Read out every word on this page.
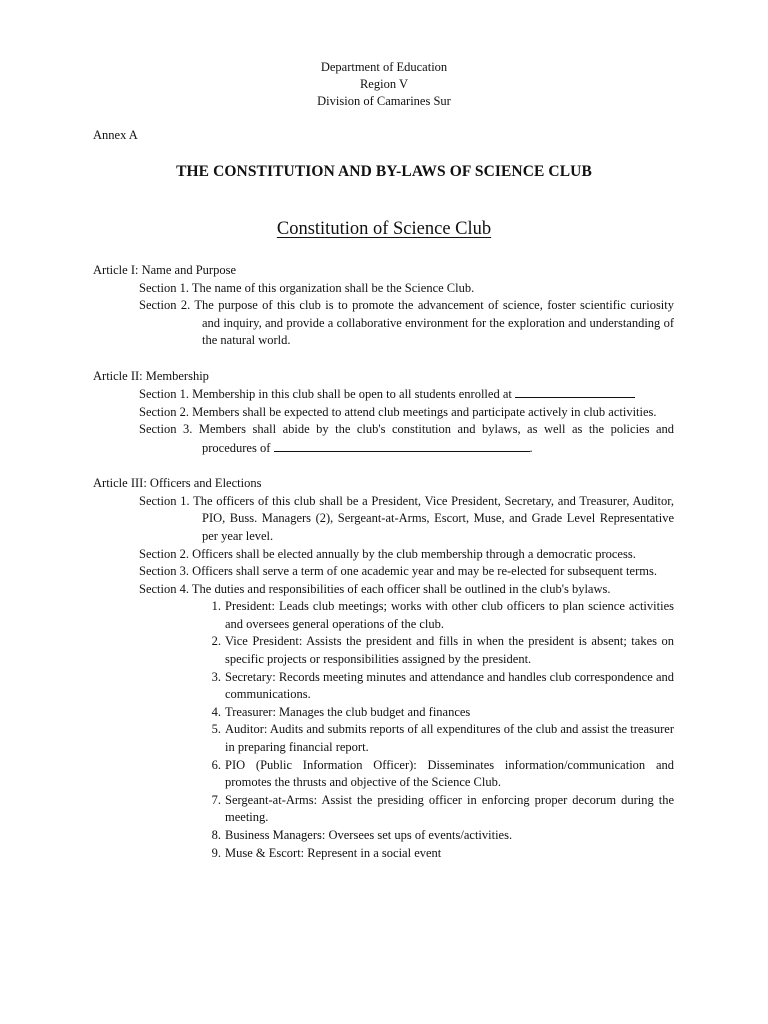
Department of Education
Region V
Division of Camarines Sur
Annex A
THE CONSTITUTION AND BY-LAWS OF SCIENCE CLUB
Constitution of Science Club
Article I: Name and Purpose
Section 1. The name of this organization shall be the Science Club.
Section 2. The purpose of this club is to promote the advancement of science, foster scientific curiosity and inquiry, and provide a collaborative environment for the exploration and understanding of the natural world.
Article II: Membership
Section 1. Membership in this club shall be open to all students enrolled at
Section 2. Members shall be expected to attend club meetings and participate actively in club activities.
Section 3. Members shall abide by the club's constitution and bylaws, as well as the policies and procedures of	.
Article III: Officers and Elections
Section 1. The officers of this club shall be a President, Vice President, Secretary, and Treasurer, Auditor, PIO, Buss. Managers (2), Sergeant-at-Arms, Escort, Muse, and Grade Level Representative per year level.
Section 2. Officers shall be elected annually by the club membership through a democratic process.
Section 3. Officers shall serve a term of one academic year and may be re-elected for subsequent terms.
Section 4. The duties and responsibilities of each officer shall be outlined in the club's bylaws.
1. President: Leads club meetings; works with other club officers to plan science activities and oversees general operations of the club.
2. Vice President: Assists the president and fills in when the president is absent; takes on specific projects or responsibilities assigned by the president.
3. Secretary: Records meeting minutes and attendance and handles club correspondence and communications.
4. Treasurer: Manages the club budget and finances
5. Auditor: Audits and submits reports of all expenditures of the club and assist the treasurer in preparing financial report.
6. PIO (Public Information Officer): Disseminates information/communication and promotes the thrusts and objective of the Science Club.
7. Sergeant-at-Arms: Assist the presiding officer in enforcing proper decorum during the meeting.
8. Business Managers: Oversees set ups of events/activities.
9. Muse & Escort: Represent in a social event
